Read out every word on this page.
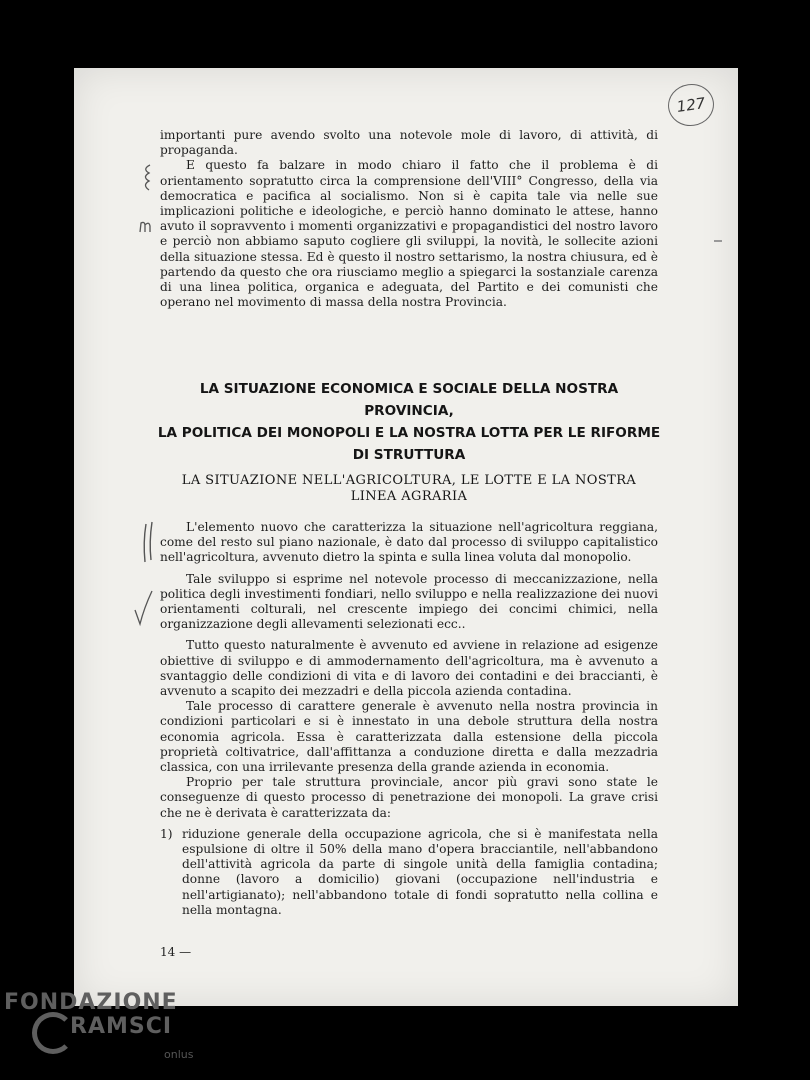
127

importanti pure avendo svolto una notevole mole di lavoro, di attività, di propaganda.

E questo fa balzare in modo chiaro il fatto che il problema è di orientamento sopratutto circa la comprensione dell'VIII° Congresso, della via democratica e pacifica al socialismo. Non si è capita tale via nelle sue implicazioni politiche e ideologiche, e perciò hanno dominato le attese, hanno avuto il sopravvento i momenti organizzativi e propagandistici del nostro lavoro e perciò non abbiamo saputo cogliere gli sviluppi, la novità, le sollecite azioni della situazione stessa. Ed è questo il nostro settarismo, la nostra chiusura, ed è partendo da questo che ora riusciamo meglio a spiegarci la sostanziale carenza di una linea politica, organica e adeguata, del Partito e dei comunisti che operano nel movimento di massa della nostra Provincia.

LA SITUAZIONE ECONOMICA E SOCIALE DELLA NOSTRA PROVINCIA,
LA POLITICA DEI MONOPOLI E LA NOSTRA LOTTA PER LE RIFORME
DI STRUTTURA
LA SITUAZIONE NELL'AGRICOLTURA, LE LOTTE E LA NOSTRA
LINEA AGRARIA

L'elemento nuovo che caratterizza la situazione nell'agricoltura reggiana, come del resto sul piano nazionale, è dato dal processo di sviluppo capitalistico nell'agricoltura, avvenuto dietro la spinta e sulla linea voluta dal monopolio.

Tale sviluppo si esprime nel notevole processo di meccanizzazione, nella politica degli investimenti fondiari, nello sviluppo e nella realizzazione dei nuovi orientamenti colturali, nel crescente impiego dei concimi chimici, nella organizzazione degli allevamenti selezionati ecc..

Tutto questo naturalmente è avvenuto ed avviene in relazione ad esigenze obiettive di sviluppo e di ammodernamento dell'agricoltura, ma è avvenuto a svantaggio delle condizioni di vita e di lavoro dei contadini e dei braccianti, è avvenuto a scapito dei mezzadri e della piccola azienda contadina.

Tale processo di carattere generale è avvenuto nella nostra provincia in condizioni particolari e si è innestato in una debole struttura della nostra economia agricola. Essa è caratterizzata dalla estensione della piccola proprietà coltivatrice, dall'affittanza a conduzione diretta e dalla mezzadria classica, con una irrilevante presenza della grande azienda in economia.

Proprio per tale struttura provinciale, ancor più gravi sono state le conseguenze di questo processo di penetrazione dei monopoli. La grave crisi che ne è derivata è caratterizzata da:

1) riduzione generale della occupazione agricola, che si è manifestata nella espulsione di oltre il 50% della mano d'opera bracciantile, nell'abbandono dell'attività agricola da parte di singole unità della famiglia contadina; donne (lavoro a domicilio) giovani (occupazione nell'industria e nell'artigianato); nell'abbandono totale di fondi sopratutto nella collina e nella montagna.
14 —
FONDAZIONE
RAMSCI
onlus
